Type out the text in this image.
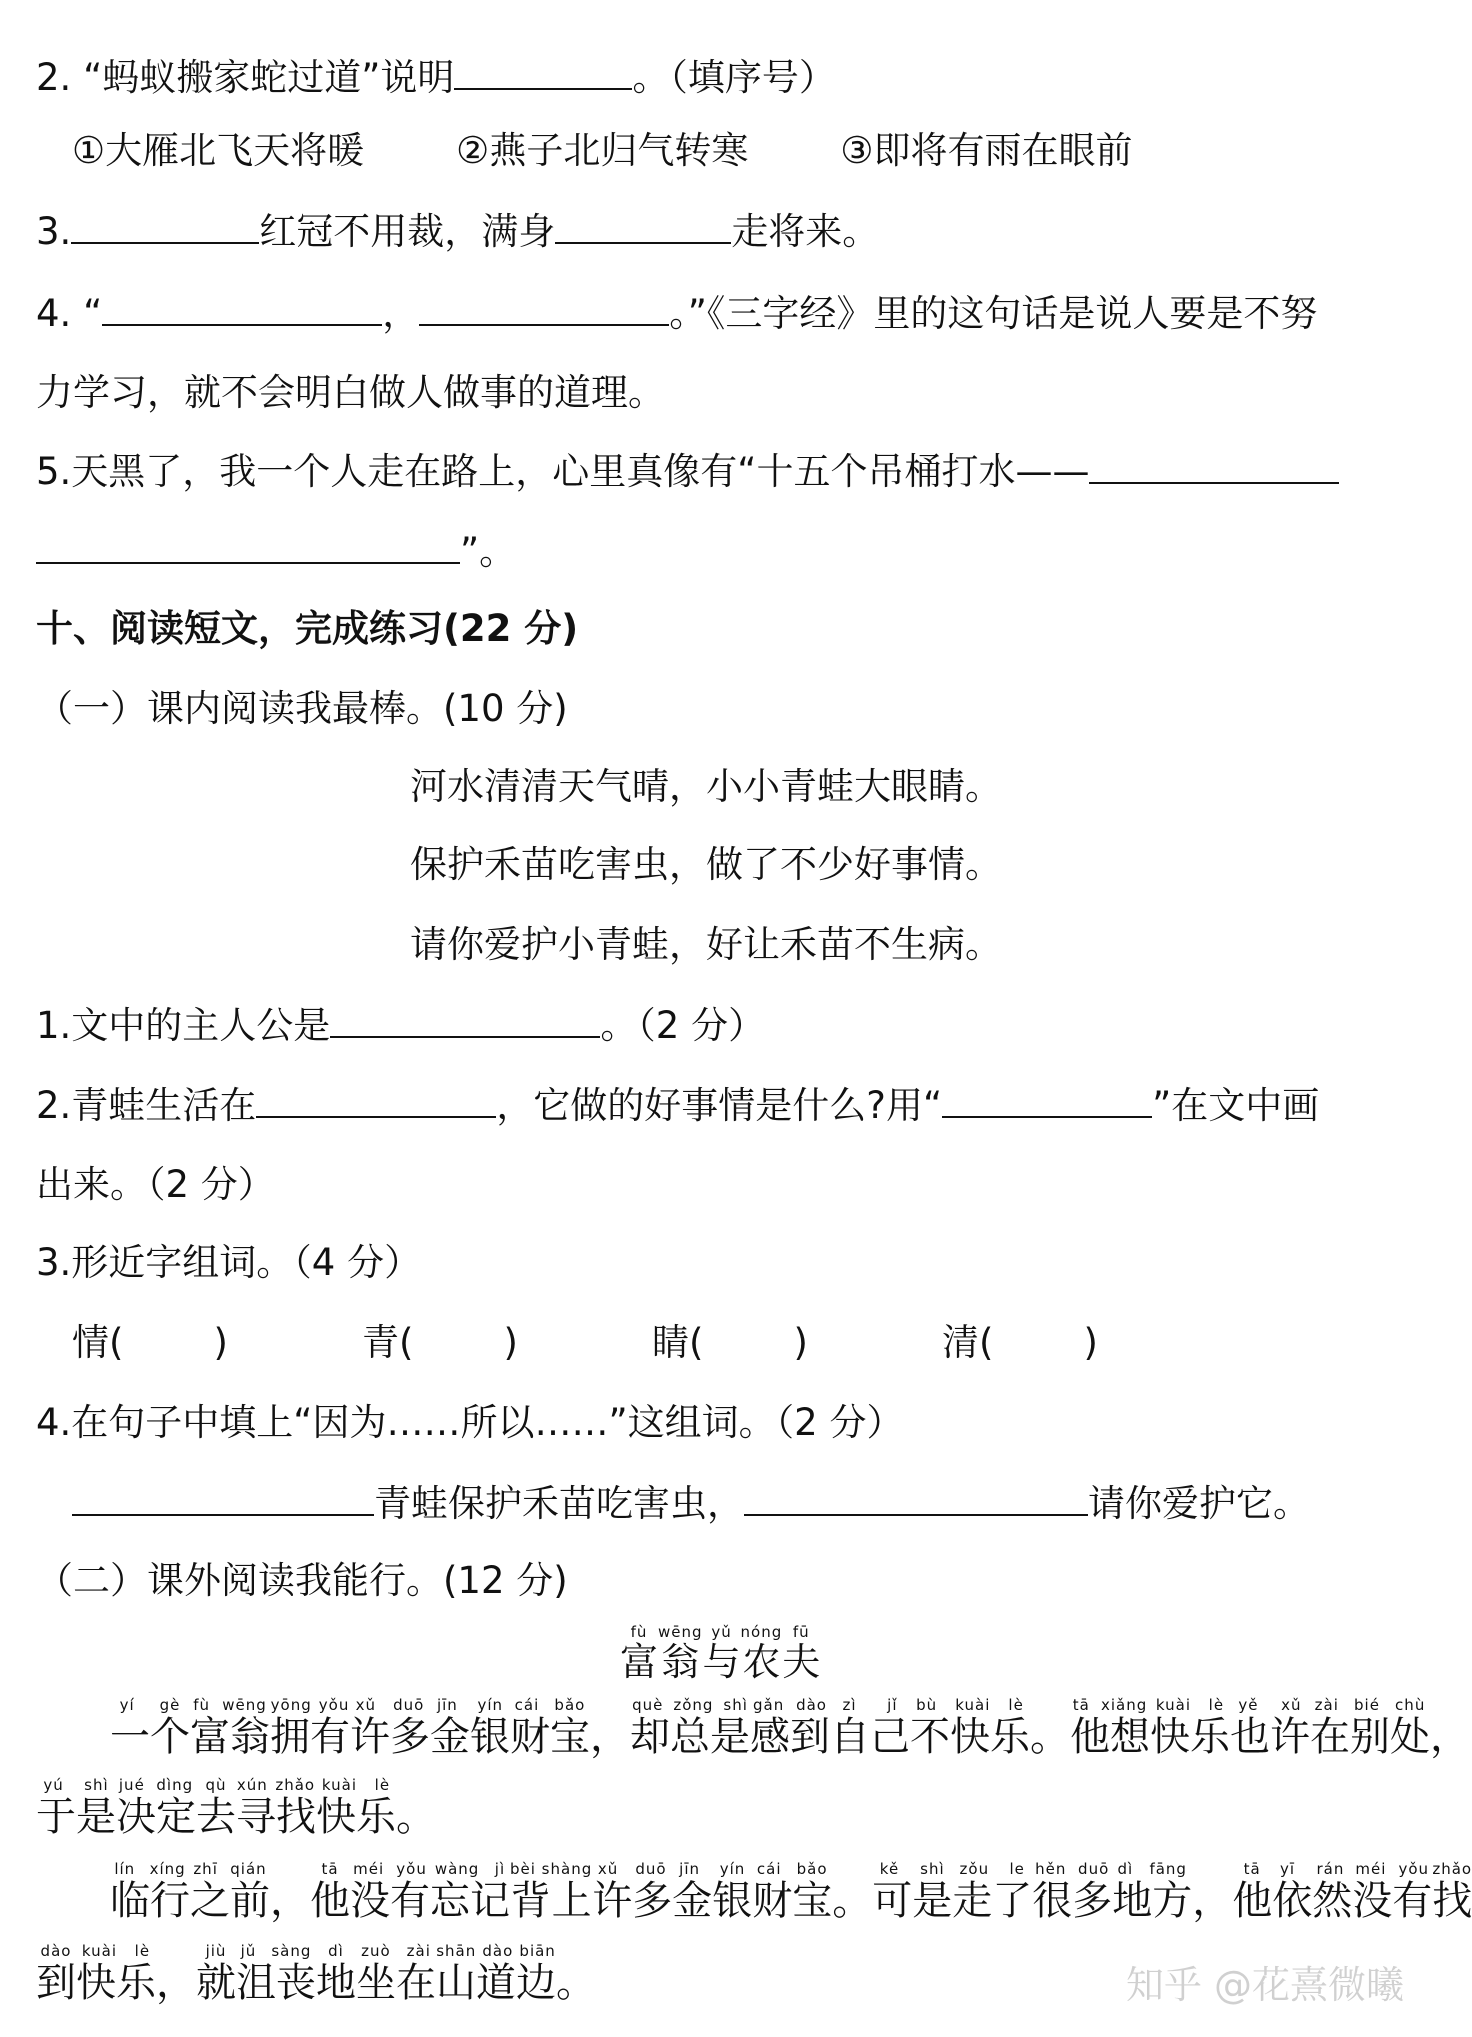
2. “蚂蚁搬家蛇过道”说明	。（填序号）
①大雁北飞天将暖 ②燕子北归气转寒 ③即将有雨在眼前
3.	红冠不用裁，满身	走将来。
4. “	，	。”《三字经》里的这句话是说人要是不努
力学习，就不会明白做人做事的道理。
5.天黑了，我一个人走在路上，心里真像有“十五个吊桶打水——
”。
十、阅读短文，完成练习(22 分)
（一）课内阅读我最棒。(10 分)
河水清清天气晴，小小青蛙大眼睛。
保护禾苗吃害虫，做了不少好事情。
请你爱护小青蛙，好让禾苗不生病。
1.文中的主人公是	。（2 分）
2.青蛙生活在	，它做的好事情是什么?用“	”在文中画
出来。（2 分）
3.形近字组词。（4 分）
情( )	青( )	睛( )	清( )
4.在句子中填上“因为……所以……”这组词。（2 分）
青蛙保护禾苗吃害虫，	请你爱护它。
（二）课外阅读我能行。(12 分)
富fù翁wēng与yǔ农nóng夫fū
一个yí gè富翁fù wēng拥有yōng yǒu许多xǔ duō金银jīn yín财宝cái bǎo， 却总是què zǒng shì感到gǎn dào自己zì jǐ不快乐bù kuài lè。 他想tā xiǎng快乐kuài lè也许yě xǔ在别处zài bié chù，
于是yú shì决定jué dìng去qù寻找xún zhǎo快乐kuài lè。
临行lín xíng之前zhī qián， 他tā没有méi yǒu忘记wàng jì背上bèi shàng许多xǔ duō金银jīn yín财宝cái bǎo。 可是kě shì走了zǒu le很多hěn duō地方dì fāng， 他tā依然yī rán没有méi yǒu找zhǎo
到dào快乐kuài lè， 就jiù沮丧jǔ sàng地dì坐在zuò zài山道边shān dào biān。	知乎 @花熹微曦
